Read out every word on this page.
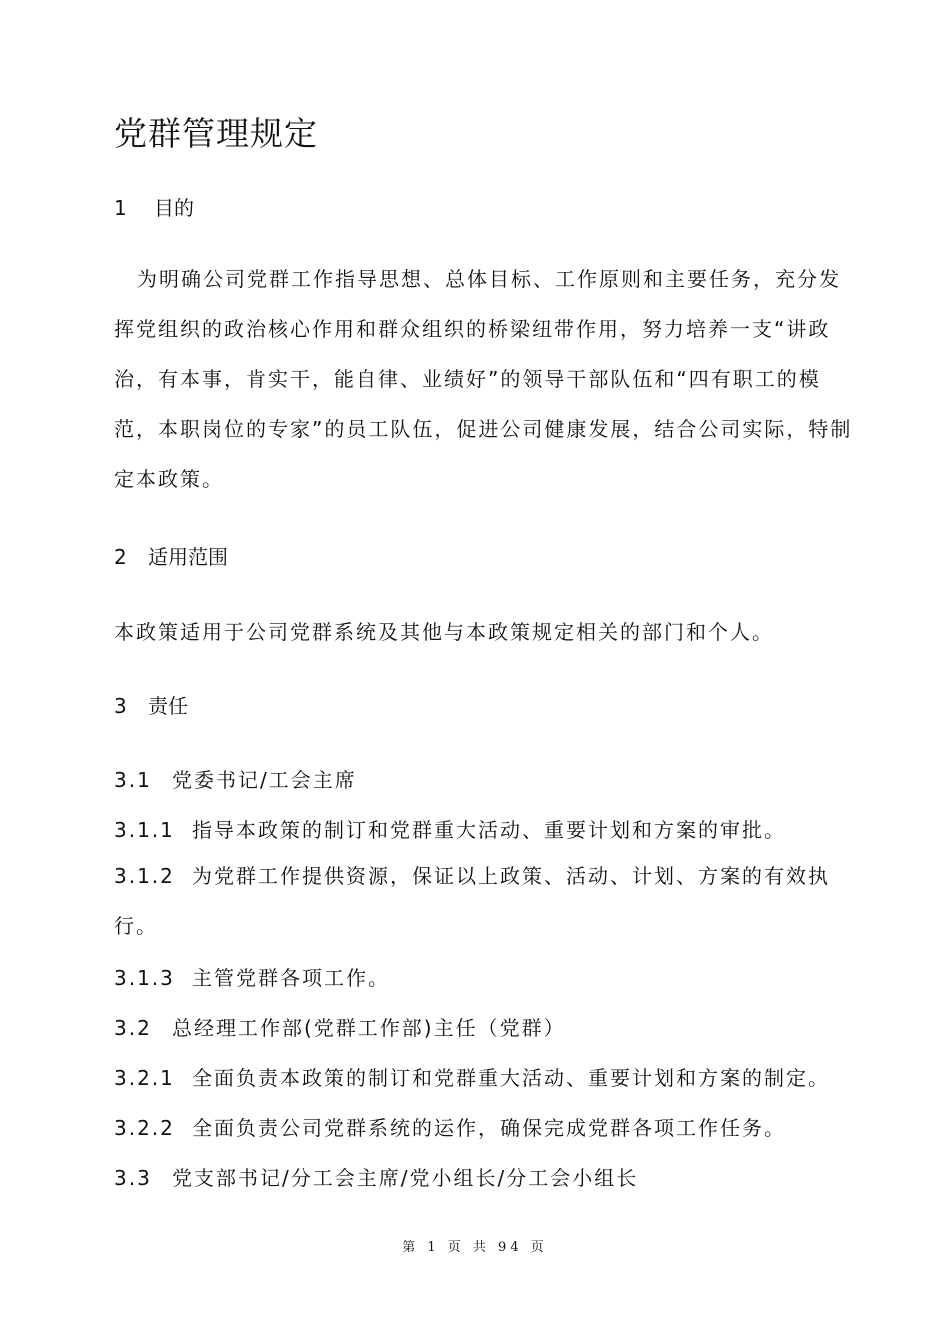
党群管理规定
1 目的
为明确公司党群工作指导思想、总体目标、工作原则和主要任务，充分发挥党组织的政治核心作用和群众组织的桥梁纽带作用，努力培养一支“讲政治，有本事，肯实干，能自律、业绩好”的领导干部队伍和“四有职工的模范，本职岗位的专家”的员工队伍，促进公司健康发展，结合公司实际，特制定本政策。
2 适用范围
本政策适用于公司党群系统及其他与本政策规定相关的部门和个人。
3 责任
3.1 党委书记/工会主席
3.1.1 指导本政策的制订和党群重大活动、重要计划和方案的审批。
3.1.2 为党群工作提供资源，保证以上政策、活动、计划、方案的有效执行。
3.1.3 主管党群各项工作。
3.2 总经理工作部(党群工作部)主任（党群）
3.2.1 全面负责本政策的制订和党群重大活动、重要计划和方案的制定。
3.2.2 全面负责公司党群系统的运作，确保完成党群各项工作任务。
3.3 党支部书记/分工会主席/党小组长/分工会小组长
第 1 页 共 94 页
